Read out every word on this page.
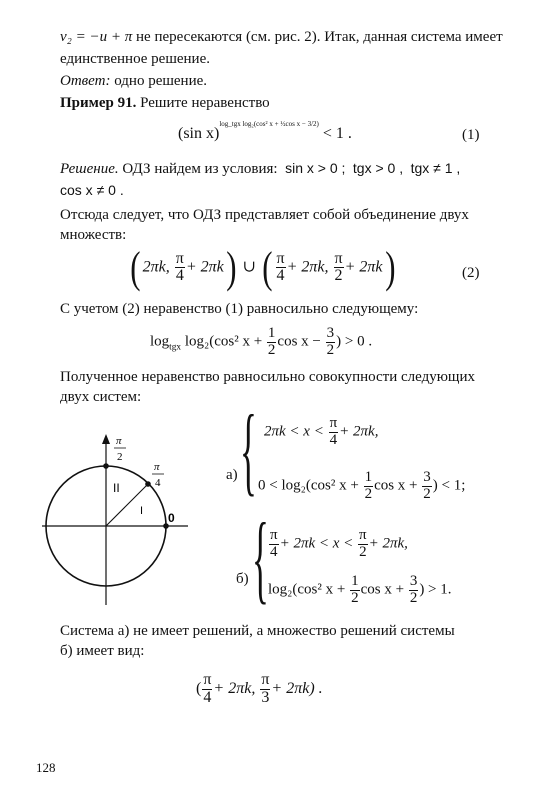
v₂ = −u + π не пересекаются (см. рис. 2). Итак, данная система имеет
единственное решение.
Ответ: одно решение.
Пример 91. Решите неравенство
(sin x)$^{log\_tgx log_2(cos^2 x + \frac{1}{2}cos x - 3/2)}$ < 1 .	(1)
Решение. ОДЗ найдем из условия: sin x > 0 ; tgx > 0 , tgx ≠ 1 ,
cos x ≠ 0 .
Отсюда следует, что ОДЗ представляет собой объединение двух
множеств:
( 2πk, $\frac{\pi}{4} + 2\pi k$) ∪ ( $\frac{\pi}{4} + 2\pi k$, $\frac{\pi}{2} + 2\pi k$)	(2)
С учетом (2) неравенство (1) равносильно следующему:
$\log_{tgx} \log_2(\cos^2$ $x + \frac{1}{2}$ $\cos x - \frac{3}{2}$ ) > 0 .
Полученное неравенство равносильно совокупности следующих
двух систем:
π
2
π
4
II
I 0
а) { $2\pi k < x < \frac{\pi}{4} + 2\pi k$,
0 < log₂(cos² $x + \frac{1}{2}$ $\cos x + \frac{3}{2}$ ) < 1;
б) { $\frac{\pi}{4} + 2\pi k < x < \frac{\pi}{2} + 2\pi k$,
log₂(cos² $x + \frac{1}{2}$ $\cos x + \frac{3}{2}$ ) > 1.
Система а) не имеет решений, а множество решений системы
б) имеет вид:
( $\frac{\pi}{4} + 2\pi k$, $\frac{\pi}{3} + 2\pi k$) .
128
